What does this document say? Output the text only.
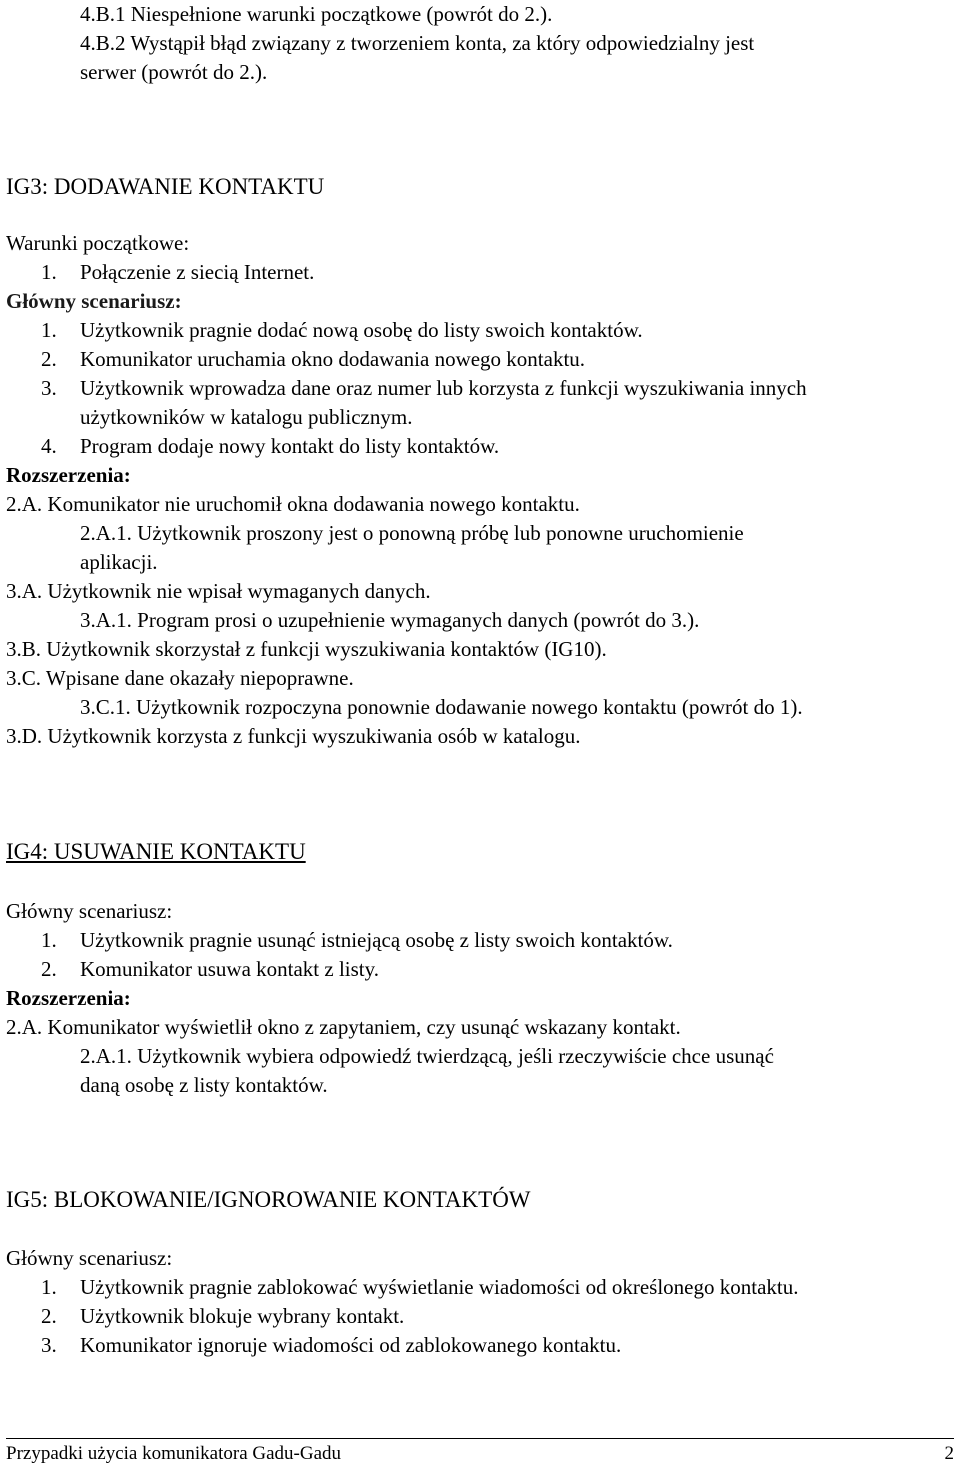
4.B.1 Niespełnione warunki początkowe (powrót do 2.).
4.B.2 Wystąpił błąd związany z tworzeniem konta, za który odpowiedzialny jest
serwer (powrót do 2.).
IG3: DODAWANIE KONTAKTU
Warunki początkowe:
1. Połączenie z siecią Internet.
Główny scenariusz:
1. Użytkownik pragnie dodać nową osobę do listy swoich kontaktów.
2. Komunikator uruchamia okno dodawania nowego kontaktu.
3. Użytkownik wprowadza dane oraz numer lub korzysta z funkcji wyszukiwania innych
użytkowników w katalogu publicznym.
4. Program dodaje nowy kontakt do listy kontaktów.
Rozszerzenia:
2.A. Komunikator nie uruchomił okna dodawania nowego kontaktu.
2.A.1. Użytkownik proszony jest o ponowną próbę lub ponowne uruchomienie
aplikacji.
3.A. Użytkownik nie wpisał wymaganych danych.
3.A.1. Program prosi o uzupełnienie wymaganych danych (powrót do 3.).
3.B. Użytkownik skorzystał z funkcji wyszukiwania kontaktów (IG10).
3.C. Wpisane dane okazały niepoprawne.
3.C.1. Użytkownik rozpoczyna ponownie dodawanie nowego kontaktu (powrót do 1).
3.D. Użytkownik korzysta z funkcji wyszukiwania osób w katalogu.
IG4: USUWANIE KONTAKTU
Główny scenariusz:
1. Użytkownik pragnie usunąć istniejącą osobę z listy swoich kontaktów.
2. Komunikator usuwa kontakt z listy.
Rozszerzenia:
2.A. Komunikator wyświetlił okno z zapytaniem, czy usunąć wskazany kontakt.
2.A.1. Użytkownik wybiera odpowiedź twierdzącą, jeśli rzeczywiście chce usunąć
daną osobę z listy kontaktów.
IG5: BLOKOWANIE/IGNOROWANIE KONTAKTÓW
Główny scenariusz:
1. Użytkownik pragnie zablokować wyświetlanie wiadomości od określonego kontaktu.
2. Użytkownik blokuje wybrany kontakt.
3. Komunikator ignoruje wiadomości od zablokowanego kontaktu.
Przypadki użycia komunikatora Gadu-Gadu	2
